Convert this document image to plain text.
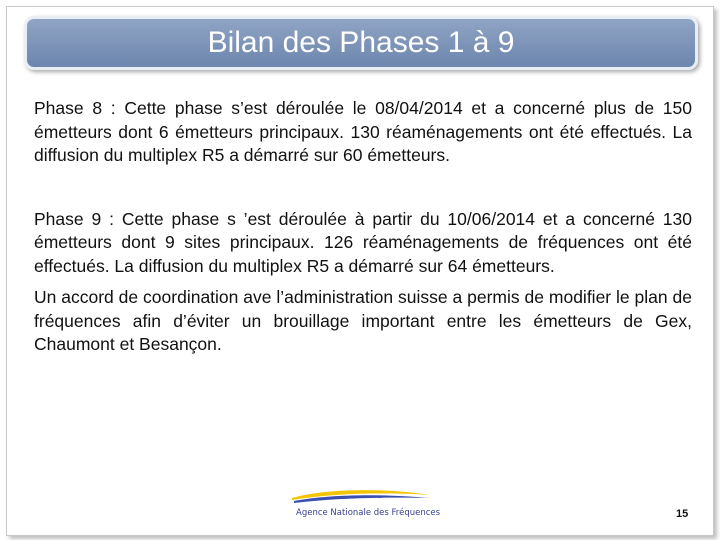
Bilan des Phases 1 à 9

Phase 8 : Cette phase s’est déroulée le 08/04/2014 et a concerné plus de 150 émetteurs dont 6 émetteurs principaux. 130 réaménagements ont été effectués. La diffusion du multiplex R5 a démarré sur 60 émetteurs.

Phase 9 : Cette phase s ’est déroulée à partir du 10/06/2014 et a concerné 130 émetteurs dont 9 sites principaux. 126 réaménagements de fréquences ont été effectués. La diffusion du multiplex R5 a démarré sur 64 émetteurs.

Un accord de coordination ave l’administration suisse a permis de modifier le plan de fréquences afin d’éviter un brouillage important entre les émetteurs de Gex, Chaumont et Besançon.

Agence Nationale des Fréquences	15
